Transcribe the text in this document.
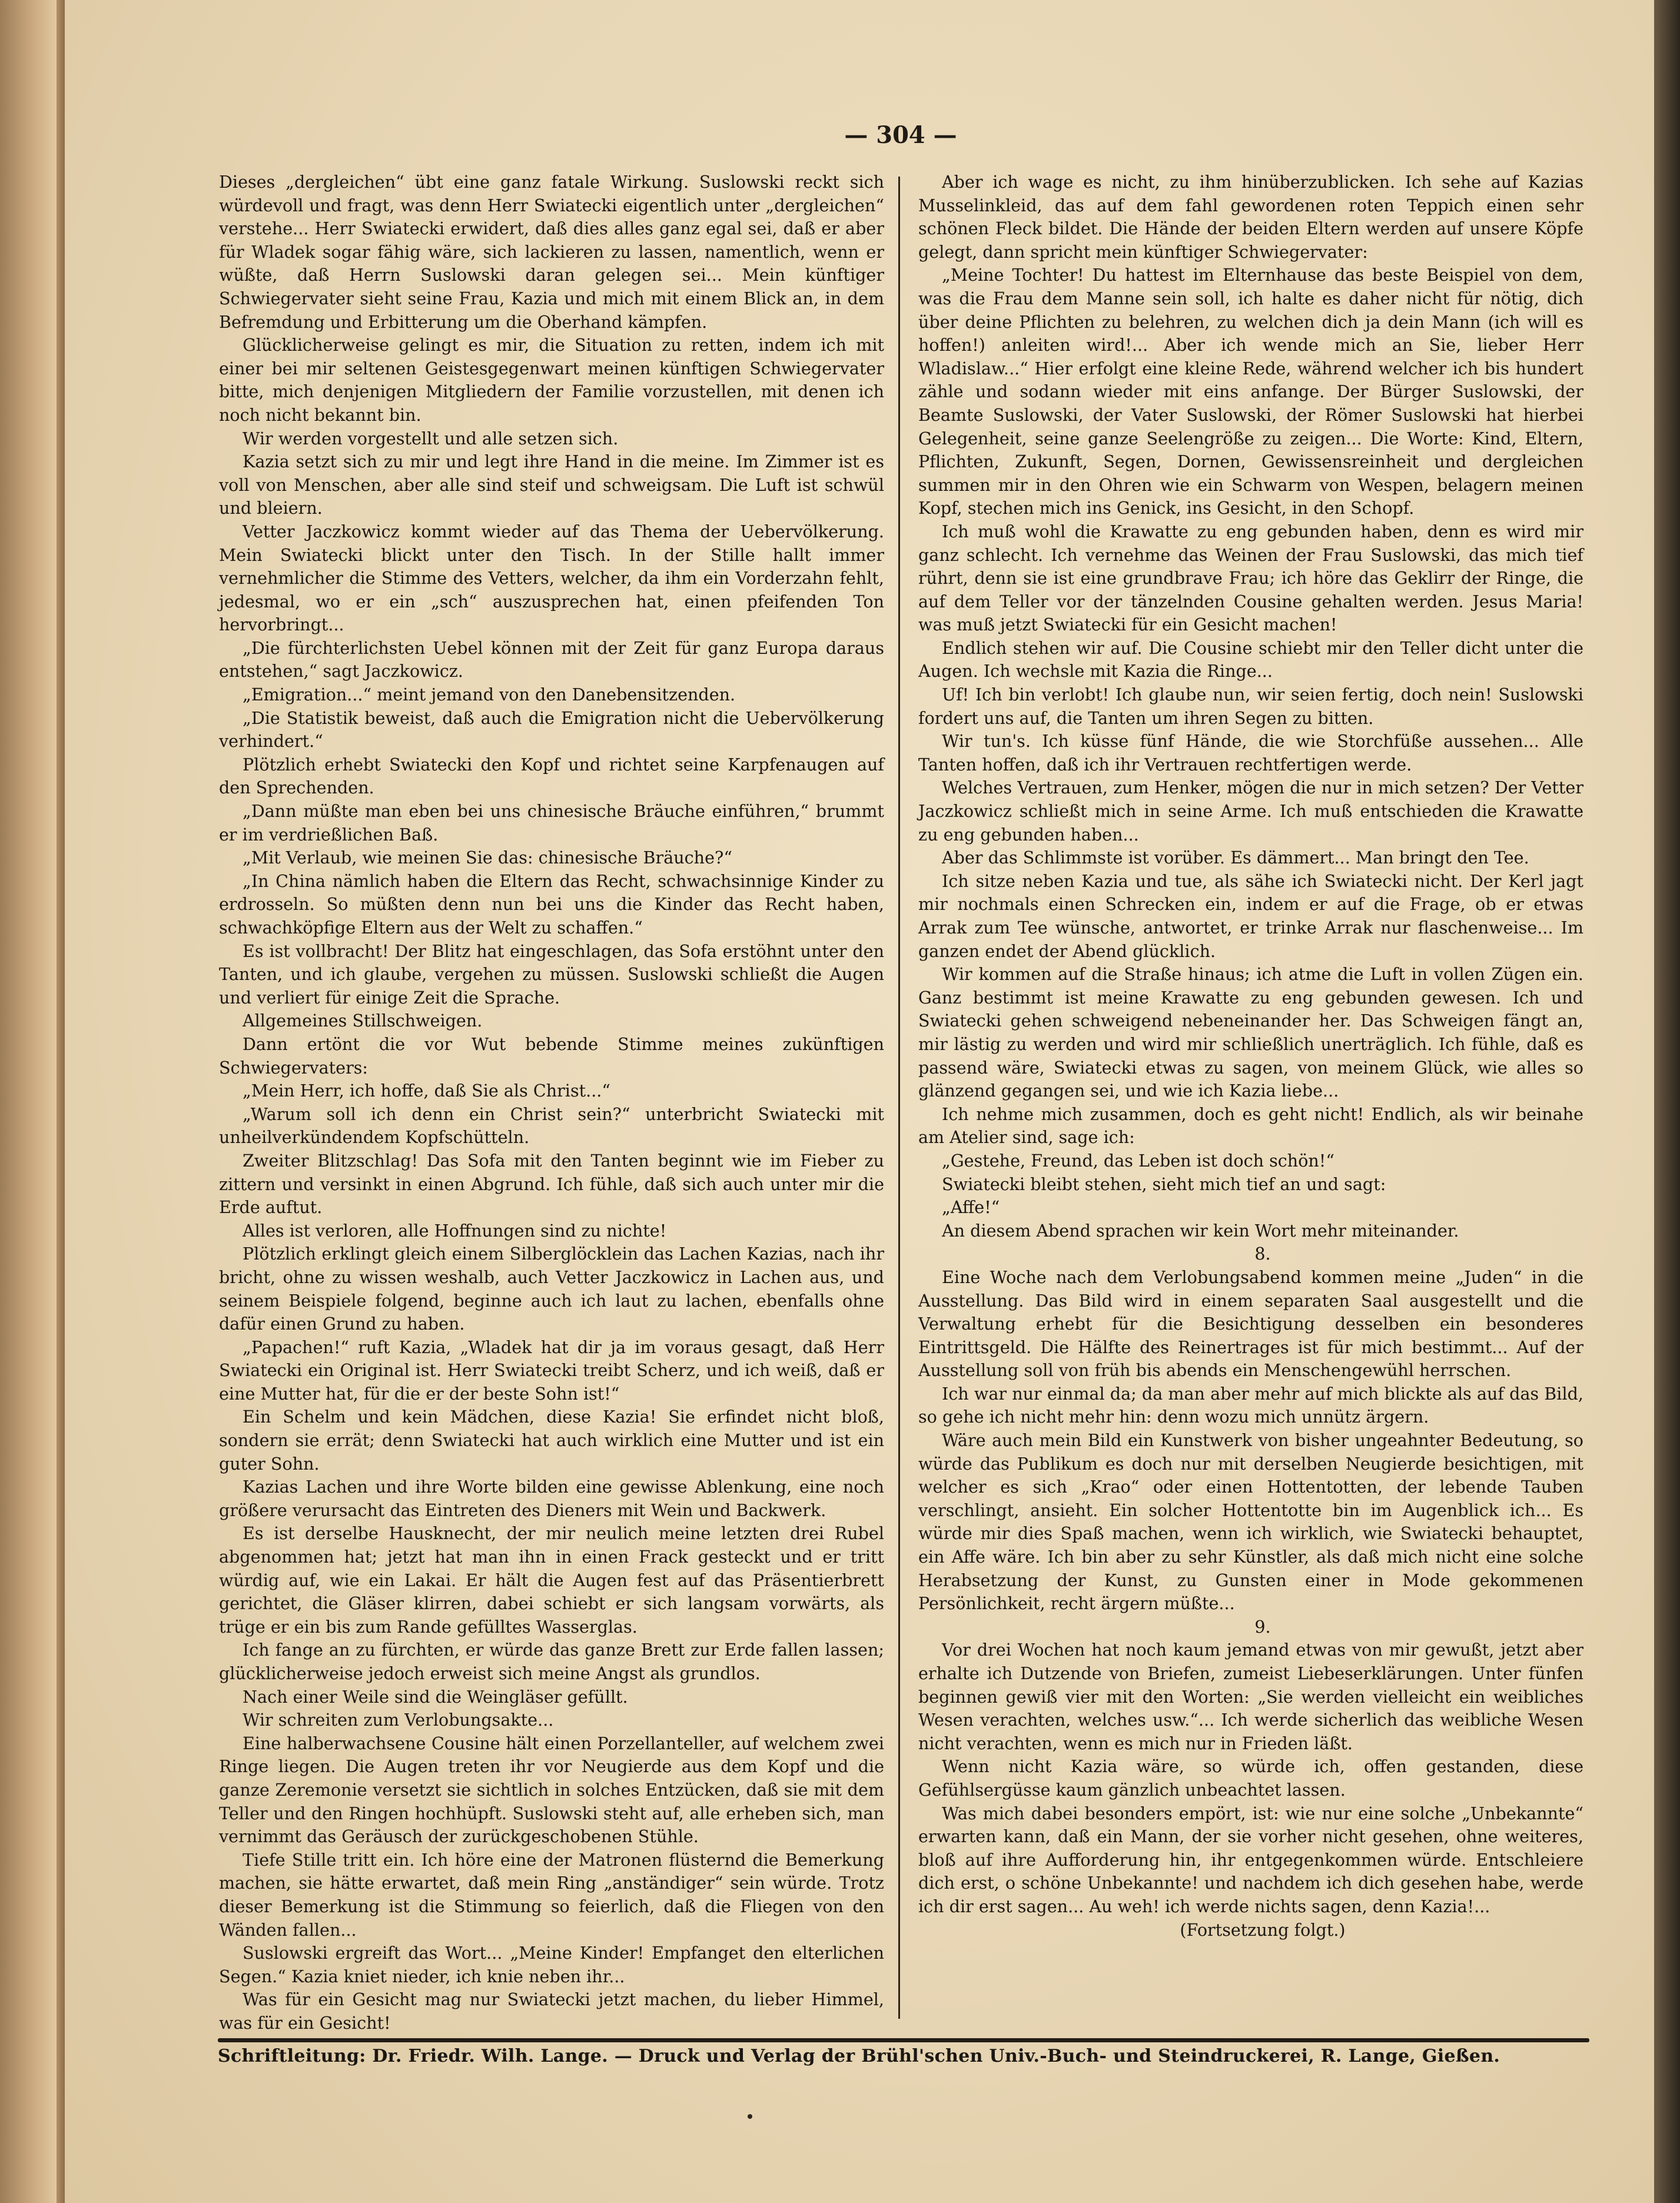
— 304 —

Dieses „dergleichen“ übt eine ganz fatale Wirkung. Suslowski reckt sich würdevoll und fragt, was denn Herr Swiatecki eigentlich unter „dergleichen“ verstehe... Herr Swiatecki erwidert, daß dies alles ganz egal sei, daß er aber für Wladek sogar fähig wäre, sich lackieren zu lassen, namentlich, wenn er wüßte, daß Herrn Suslowski daran gelegen sei... Mein künftiger Schwiegervater sieht seine Frau, Kazia und mich mit einem Blick an, in dem Befremdung und Erbitterung um die Oberhand kämpfen.

Glücklicherweise gelingt es mir, die Situation zu retten, indem ich mit einer bei mir seltenen Geistesgegenwart meinen künftigen Schwiegervater bitte, mich denjenigen Mitgliedern der Familie vorzustellen, mit denen ich noch nicht bekannt bin.

Wir werden vorgestellt und alle setzen sich.

Kazia setzt sich zu mir und legt ihre Hand in die meine. Im Zimmer ist es voll von Menschen, aber alle sind steif und schweigsam. Die Luft ist schwül und bleiern.

Vetter Jaczkowicz kommt wieder auf das Thema der Uebervölkerung. Mein Swiatecki blickt unter den Tisch. In der Stille hallt immer vernehmlicher die Stimme des Vetters, welcher, da ihm ein Vorderzahn fehlt, jedesmal, wo er ein „sch“ auszusprechen hat, einen pfeifenden Ton hervorbringt...

„Die fürchterlichsten Uebel können mit der Zeit für ganz Europa daraus entstehen,“ sagt Jaczkowicz.

„Emigration...“ meint jemand von den Danebensitzenden.

„Die Statistik beweist, daß auch die Emigration nicht die Uebervölkerung verhindert.“

Plötzlich erhebt Swiatecki den Kopf und richtet seine Karpfenaugen auf den Sprechenden.

„Dann müßte man eben bei uns chinesische Bräuche einführen,“ brummt er im verdrießlichen Baß.

„Mit Verlaub, wie meinen Sie das: chinesische Bräuche?“

„In China nämlich haben die Eltern das Recht, schwachsinnige Kinder zu erdrosseln. So müßten denn nun bei uns die Kinder das Recht haben, schwachköpfige Eltern aus der Welt zu schaffen.“

Es ist vollbracht! Der Blitz hat eingeschlagen, das Sofa erstöhnt unter den Tanten, und ich glaube, vergehen zu müssen. Suslowski schließt die Augen und verliert für einige Zeit die Sprache.

Allgemeines Stillschweigen.

Dann ertönt die vor Wut bebende Stimme meines zukünftigen Schwiegervaters:

„Mein Herr, ich hoffe, daß Sie als Christ...“

„Warum soll ich denn ein Christ sein?“ unterbricht Swiatecki mit unheilverkündendem Kopfschütteln.

Zweiter Blitzschlag! Das Sofa mit den Tanten beginnt wie im Fieber zu zittern und versinkt in einen Abgrund. Ich fühle, daß sich auch unter mir die Erde auftut.

Alles ist verloren, alle Hoffnungen sind zu nichte!

Plötzlich erklingt gleich einem Silberglöcklein das Lachen Kazias, nach ihr bricht, ohne zu wissen weshalb, auch Vetter Jaczkowicz in Lachen aus, und seinem Beispiele folgend, beginne auch ich laut zu lachen, ebenfalls ohne dafür einen Grund zu haben.

„Papachen!“ ruft Kazia, „Wladek hat dir ja im voraus gesagt, daß Herr Swiatecki ein Original ist. Herr Swiatecki treibt Scherz, und ich weiß, daß er eine Mutter hat, für die er der beste Sohn ist!“

Ein Schelm und kein Mädchen, diese Kazia! Sie erfindet nicht bloß, sondern sie errät; denn Swiatecki hat auch wirklich eine Mutter und ist ein guter Sohn.

Kazias Lachen und ihre Worte bilden eine gewisse Ablenkung, eine noch größere verursacht das Eintreten des Dieners mit Wein und Backwerk.

Es ist derselbe Hausknecht, der mir neulich meine letzten drei Rubel abgenommen hat; jetzt hat man ihn in einen Frack gesteckt und er tritt würdig auf, wie ein Lakai. Er hält die Augen fest auf das Präsentierbrett gerichtet, die Gläser klirren, dabei schiebt er sich langsam vorwärts, als trüge er ein bis zum Rande gefülltes Wasserglas.

Ich fange an zu fürchten, er würde das ganze Brett zur Erde fallen lassen; glücklicherweise jedoch erweist sich meine Angst als grundlos.

Nach einer Weile sind die Weingläser gefüllt.

Wir schreiten zum Verlobungsakte...

Eine halberwachsene Cousine hält einen Porzellanteller, auf welchem zwei Ringe liegen. Die Augen treten ihr vor Neugierde aus dem Kopf und die ganze Zeremonie versetzt sie sichtlich in solches Entzücken, daß sie mit dem Teller und den Ringen hochhüpft. Suslowski steht auf, alle erheben sich, man vernimmt das Geräusch der zurückgeschobenen Stühle.

Tiefe Stille tritt ein. Ich höre eine der Matronen flüsternd die Bemerkung machen, sie hätte erwartet, daß mein Ring „anständiger“ sein würde. Trotz dieser Bemerkung ist die Stimmung so feierlich, daß die Fliegen von den Wänden fallen...

Suslowski ergreift das Wort... „Meine Kinder! Empfanget den elterlichen Segen.“ Kazia kniet nieder, ich knie neben ihr...

Was für ein Gesicht mag nur Swiatecki jetzt machen, du lieber Himmel, was für ein Gesicht!

Aber ich wage es nicht, zu ihm hinüberzublicken. Ich sehe auf Kazias Musselinkleid, das auf dem fahl gewordenen roten Teppich einen sehr schönen Fleck bildet. Die Hände der beiden Eltern werden auf unsere Köpfe gelegt, dann spricht mein künftiger Schwiegervater:

„Meine Tochter! Du hattest im Elternhause das beste Beispiel von dem, was die Frau dem Manne sein soll, ich halte es daher nicht für nötig, dich über deine Pflichten zu belehren, zu welchen dich ja dein Mann (ich will es hoffen!) anleiten wird!... Aber ich wende mich an Sie, lieber Herr Wladislaw...“ Hier erfolgt eine kleine Rede, während welcher ich bis hundert zähle und sodann wieder mit eins anfange. Der Bürger Suslowski, der Beamte Suslowski, der Vater Suslowski, der Römer Suslowski hat hierbei Gelegenheit, seine ganze Seelengröße zu zeigen... Die Worte: Kind, Eltern, Pflichten, Zukunft, Segen, Dornen, Gewissensreinheit und dergleichen summen mir in den Ohren wie ein Schwarm von Wespen, belagern meinen Kopf, stechen mich ins Genick, ins Gesicht, in den Schopf.

Ich muß wohl die Krawatte zu eng gebunden haben, denn es wird mir ganz schlecht. Ich vernehme das Weinen der Frau Suslowski, das mich tief rührt, denn sie ist eine grundbrave Frau; ich höre das Geklirr der Ringe, die auf dem Teller vor der tänzelnden Cousine gehalten werden. Jesus Maria! was muß jetzt Swiatecki für ein Gesicht machen!

Endlich stehen wir auf. Die Cousine schiebt mir den Teller dicht unter die Augen. Ich wechsle mit Kazia die Ringe...

Uf! Ich bin verlobt! Ich glaube nun, wir seien fertig, doch nein! Suslowski fordert uns auf, die Tanten um ihren Segen zu bitten.

Wir tun's. Ich küsse fünf Hände, die wie Storchfüße aussehen... Alle Tanten hoffen, daß ich ihr Vertrauen rechtfertigen werde.

Welches Vertrauen, zum Henker, mögen die nur in mich setzen? Der Vetter Jaczkowicz schließt mich in seine Arme. Ich muß entschieden die Krawatte zu eng gebunden haben...

Aber das Schlimmste ist vorüber. Es dämmert... Man bringt den Tee.

Ich sitze neben Kazia und tue, als sähe ich Swiatecki nicht. Der Kerl jagt mir nochmals einen Schrecken ein, indem er auf die Frage, ob er etwas Arrak zum Tee wünsche, antwortet, er trinke Arrak nur flaschenweise... Im ganzen endet der Abend glücklich.

Wir kommen auf die Straße hinaus; ich atme die Luft in vollen Zügen ein. Ganz bestimmt ist meine Krawatte zu eng gebunden gewesen. Ich und Swiatecki gehen schweigend nebeneinander her. Das Schweigen fängt an, mir lästig zu werden und wird mir schließlich unerträglich. Ich fühle, daß es passend wäre, Swiatecki etwas zu sagen, von meinem Glück, wie alles so glänzend gegangen sei, und wie ich Kazia liebe...

Ich nehme mich zusammen, doch es geht nicht! Endlich, als wir beinahe am Atelier sind, sage ich:

„Gestehe, Freund, das Leben ist doch schön!“

Swiatecki bleibt stehen, sieht mich tief an und sagt:

„Affe!“

An diesem Abend sprachen wir kein Wort mehr miteinander.

8.

Eine Woche nach dem Verlobungsabend kommen meine „Juden“ in die Ausstellung. Das Bild wird in einem separaten Saal ausgestellt und die Verwaltung erhebt für die Besichtigung desselben ein besonderes Eintrittsgeld. Die Hälfte des Reinertrages ist für mich bestimmt... Auf der Ausstellung soll von früh bis abends ein Menschengewühl herrschen.

Ich war nur einmal da; da man aber mehr auf mich blickte als auf das Bild, so gehe ich nicht mehr hin: denn wozu mich unnütz ärgern.

Wäre auch mein Bild ein Kunstwerk von bisher ungeahnter Bedeutung, so würde das Publikum es doch nur mit derselben Neugierde besichtigen, mit welcher es sich „Krao“ oder einen Hottentotten, der lebende Tauben verschlingt, ansieht. Ein solcher Hottentotte bin im Augenblick ich... Es würde mir dies Spaß machen, wenn ich wirklich, wie Swiatecki behauptet, ein Affe wäre. Ich bin aber zu sehr Künstler, als daß mich nicht eine solche Herabsetzung der Kunst, zu Gunsten einer in Mode gekommenen Persönlichkeit, recht ärgern müßte...

9.

Vor drei Wochen hat noch kaum jemand etwas von mir gewußt, jetzt aber erhalte ich Dutzende von Briefen, zumeist Liebeserklärungen. Unter fünfen beginnen gewiß vier mit den Worten: „Sie werden vielleicht ein weibliches Wesen verachten, welches usw.“... Ich werde sicherlich das weibliche Wesen nicht verachten, wenn es mich nur in Frieden läßt.

Wenn nicht Kazia wäre, so würde ich, offen gestanden, diese Gefühlsergüsse kaum gänzlich unbeachtet lassen.

Was mich dabei besonders empört, ist: wie nur eine solche „Unbekannte“ erwarten kann, daß ein Mann, der sie vorher nicht gesehen, ohne weiteres, bloß auf ihre Aufforderung hin, ihr entgegenkommen würde. Entschleiere dich erst, o schöne Unbekannte! und nachdem ich dich gesehen habe, werde ich dir erst sagen... Au weh! ich werde nichts sagen, denn Kazia!...

(Fortsetzung folgt.)

Schriftleitung: Dr. Friedr. Wilh. Lange. — Druck und Verlag der Brühl'schen Univ.-Buch- und Steindruckerei, R. Lange, Gießen.
